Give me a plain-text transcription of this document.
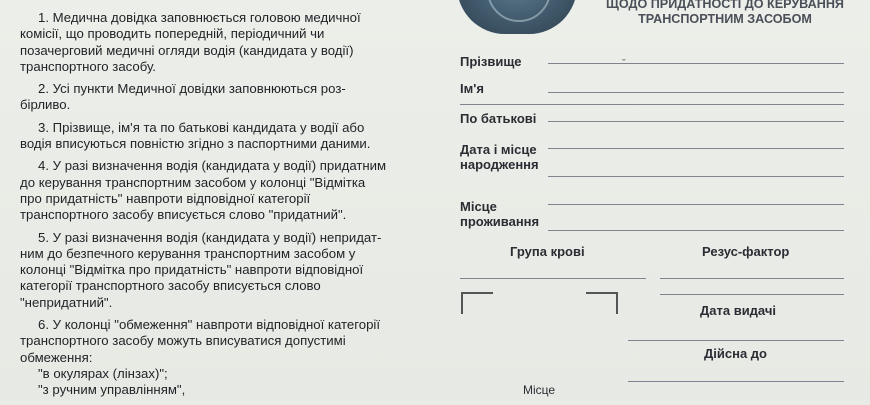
1. Медична довідка заповнюється головою медичної
комісії, що проводить попередній, періодичний чи
позачерговий медичні огляди водія (кандидата у водії)
транспортного засобу.

2. Усі пункти Медичної довідки заповнюються роз-
бірливо.

3. Прізвище, ім'я та по батькові кандидата у водії або
водія вписуються повністю згідно з паспортними даними.

4. У разі визначення водія (кандидата у водії) придатним
до керування транспортним засобом у колонці "Відмітка
про придатність" навпроти відповідної категорії
транспортного засобу вписується слово "придатний".

5. У разі визначення водія (кандидата у водії) непридат-
ним до безпечного керування транспортним засобом у
колонці "Відмітка про придатність" навпроти відповідної
категорії транспортного засобу вписується слово
"непридатний".

6. У колонці "обмеження" навпроти відповідної категорії
транспортного засобу можуть вписуватися допустимі
обмеження:
"в окулярах (лінзах)";
"з ручним управлінням",

ЩОДО ПРИДАТНОСТІ ДО КЕРУВАННЯ
ТРАНСПОРТНИМ ЗАСОБОМ
Прізвище	ˇ
Ім'я
По батькові
Дата і місце
народження
Місце
проживання
Група крові	Резус-фактор
Дата видачі
Дійсна до
Місце
